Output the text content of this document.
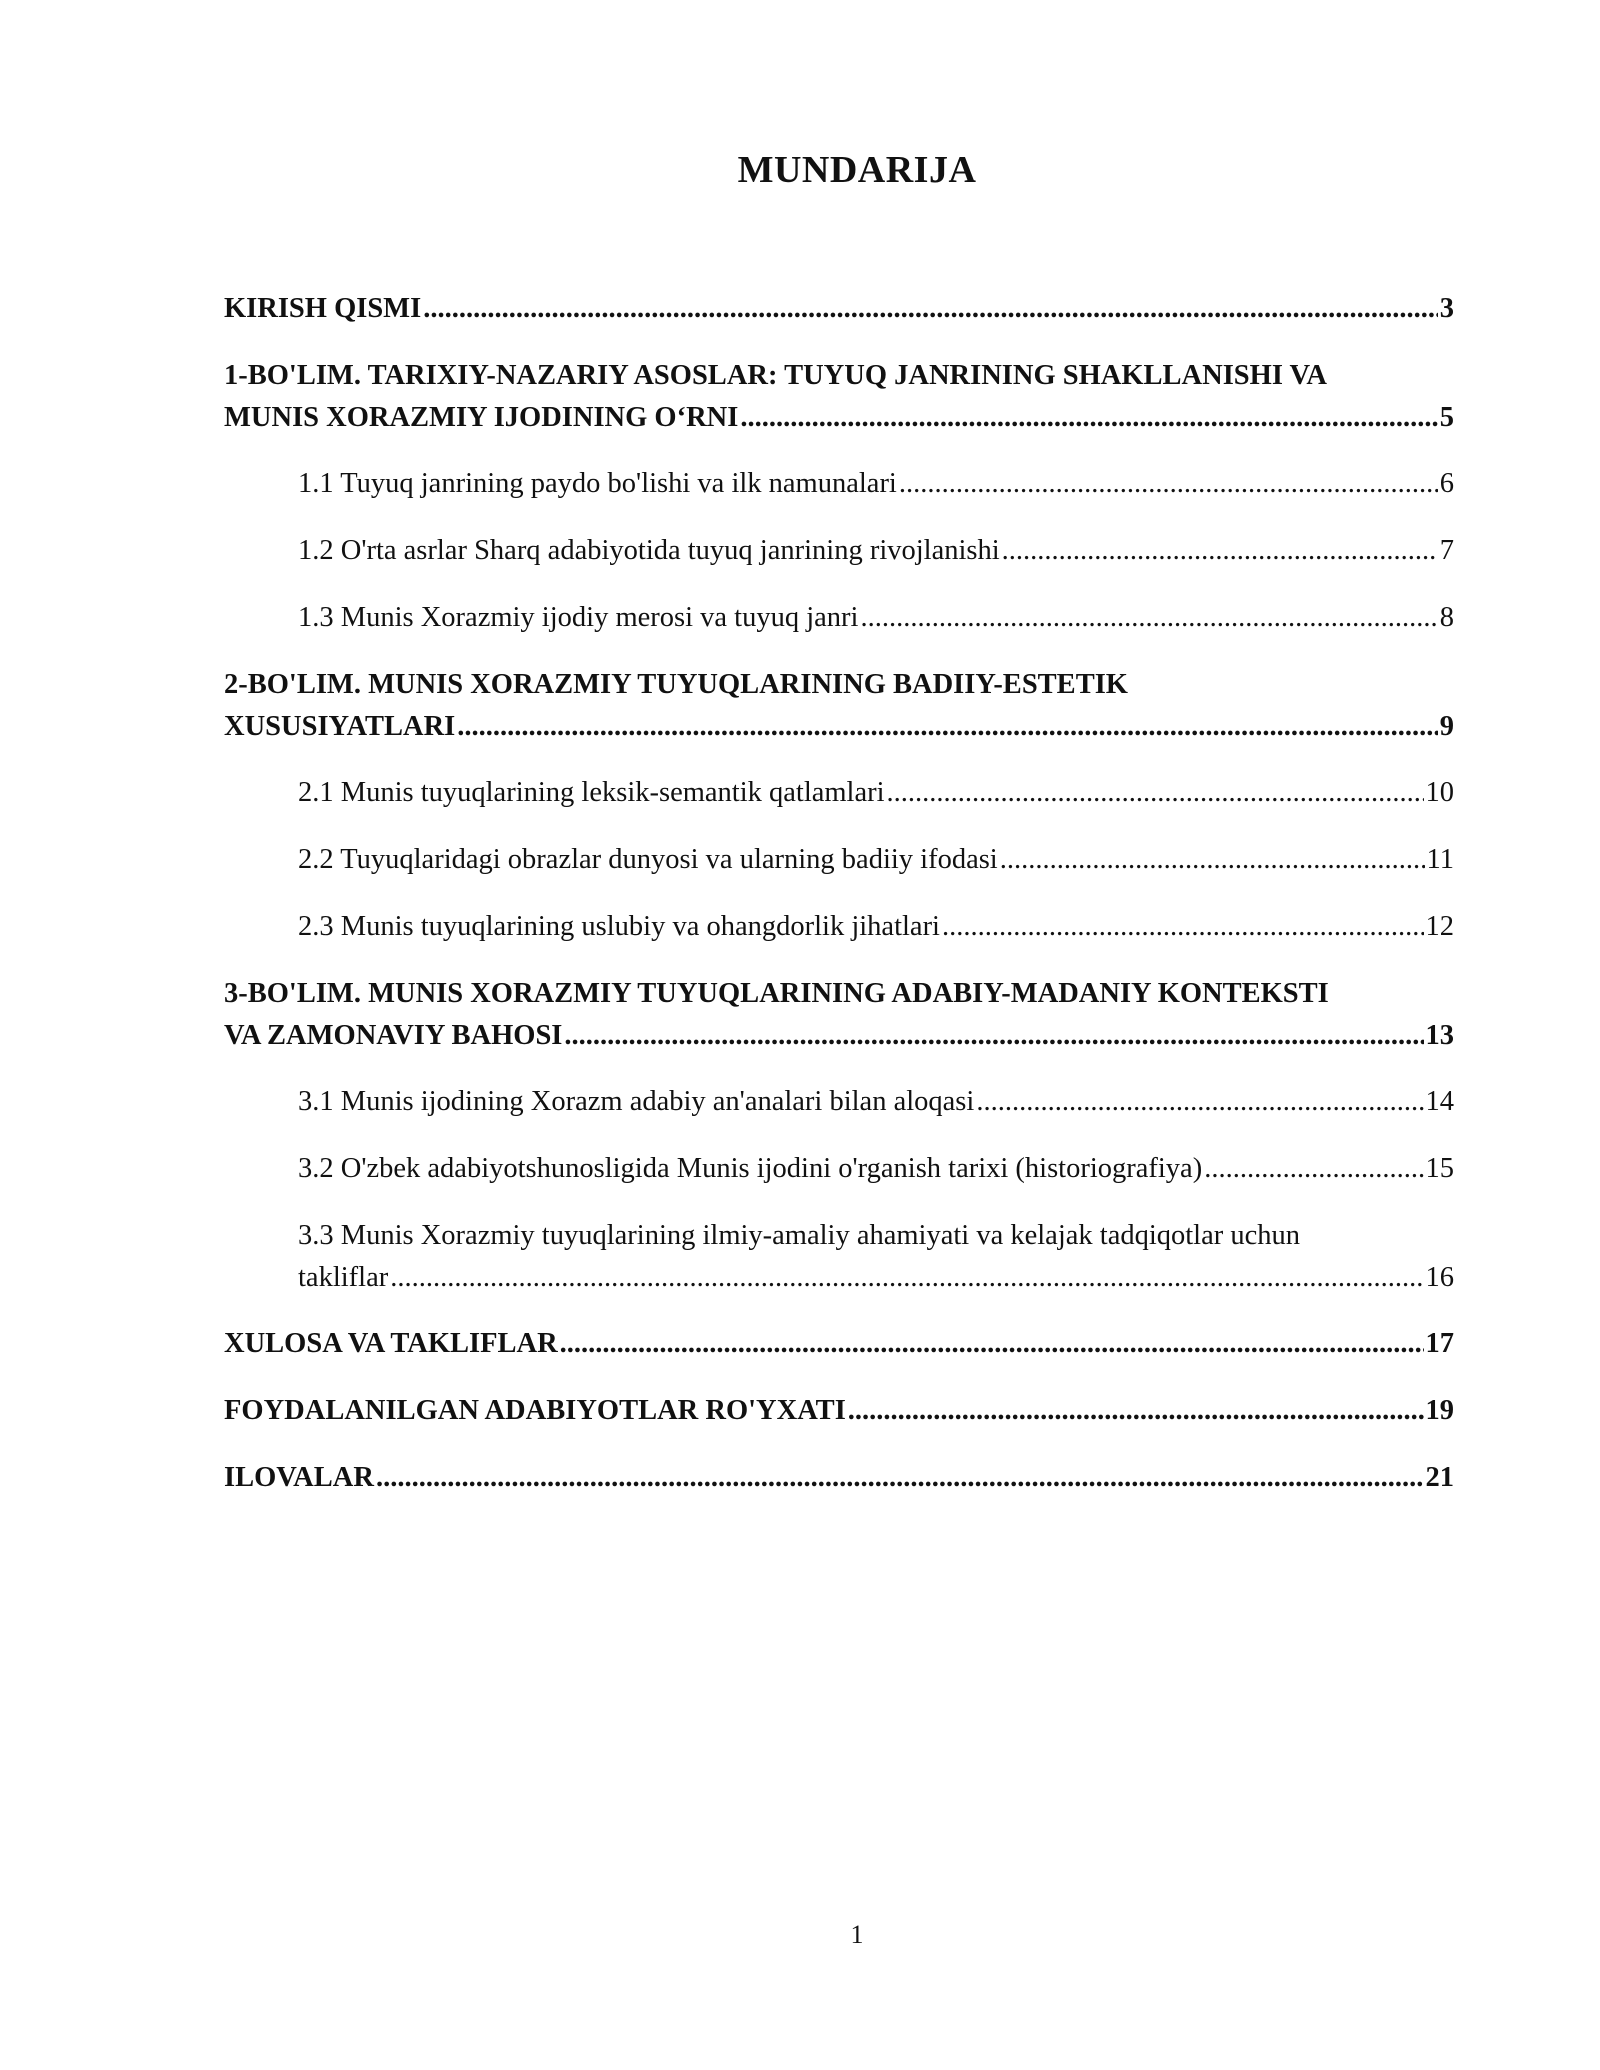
MUNDARIJA
KIRISH QISMI .....	3
1-BO'LIM. TARIXIY-NAZARIY ASOSLAR: TUYUQ JANRINING SHAKLLANISHI VA
MUNIS XORAZMIY IJODINING O‘RNI .....	5
1.1 Tuyuq janrining paydo bo'lishi va ilk namunalari .....	6
1.2 O'rta asrlar Sharq adabiyotida tuyuq janrining rivojlanishi .....	7
1.3 Munis Xorazmiy ijodiy merosi va tuyuq janri .....	8
2-BO'LIM. MUNIS XORAZMIY TUYUQLARINING BADIIY-ESTETIK
XUSUSIYATLARI .....	9
2.1 Munis tuyuqlarining leksik-semantik qatlamlari .....	10
2.2 Tuyuqlaridagi obrazlar dunyosi va ularning badiiy ifodasi .....	11
2.3 Munis tuyuqlarining uslubiy va ohangdorlik jihatlari .....	12
3-BO'LIM. MUNIS XORAZMIY TUYUQLARINING ADABIY-MADANIY KONTEKSTI
VA ZAMONAVIY BAHOSI .....	13
3.1 Munis ijodining Xorazm adabiy an'analari bilan aloqasi .....	14
3.2 O'zbek adabiyotshunosligida Munis ijodini o'rganish tarixi (historiografiya) .....	15
3.3 Munis Xorazmiy tuyuqlarining ilmiy-amaliy ahamiyati va kelajak tadqiqotlar uchun
takliflar .....	16
XULOSA VA TAKLIFLAR .....	17
FOYDALANILGAN ADABIYOTLAR RO'YXATI .....	19
ILOVALAR .....	21
1
